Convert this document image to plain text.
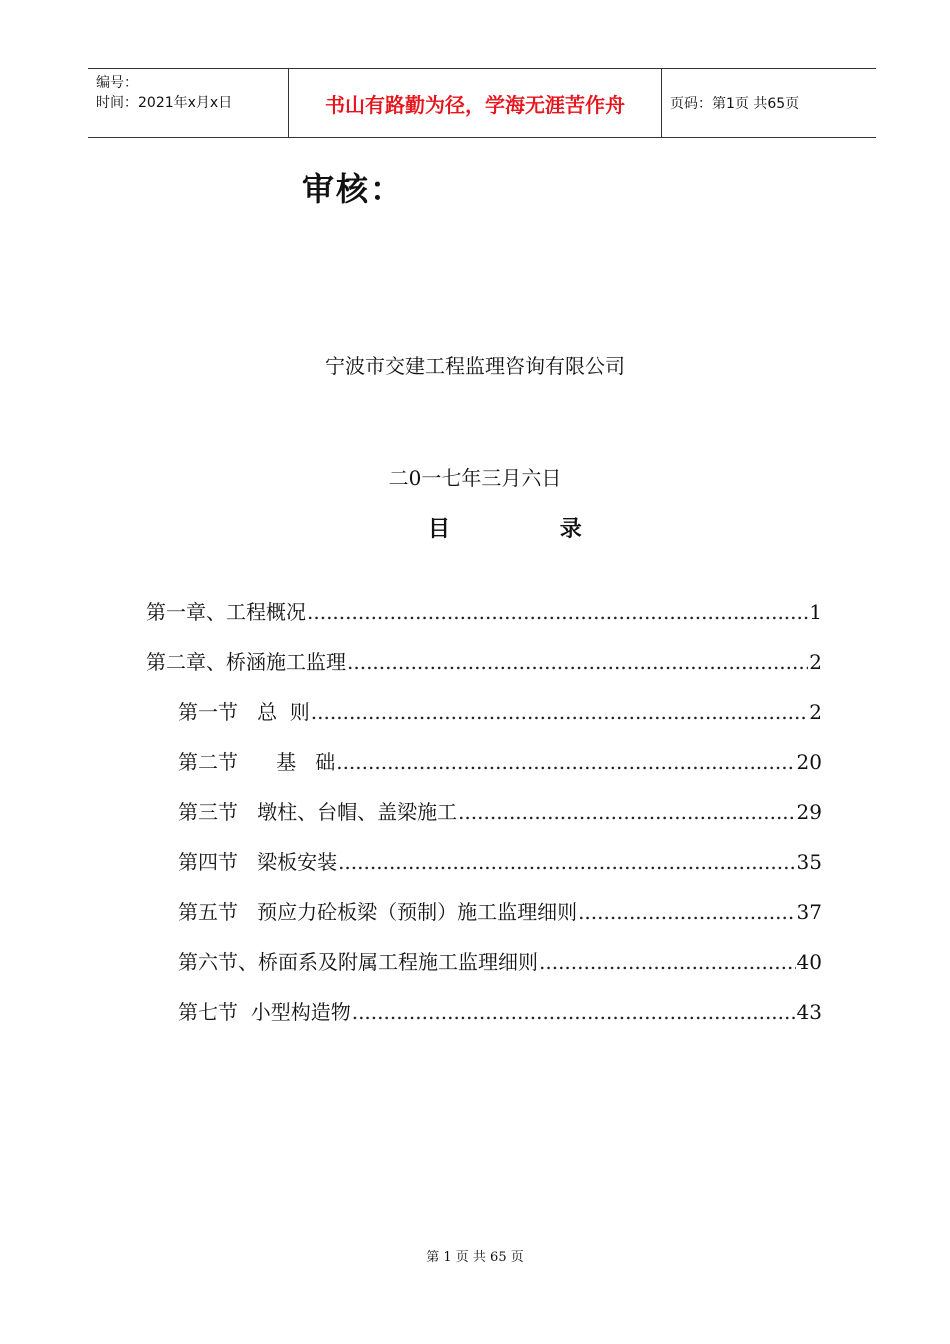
编号：
时间：2021年x月x日	书山有路勤为径，学海无涯苦作舟	页码：第1页 共65页
审核：
宁波市交建工程监理咨询有限公司
二0一七年三月六日
目	录
第一章、工程概况 .....	1
第二章、桥涵施工监理 .....	2
第一节   总  则 .....	2
第二节      基   础 .....	20
第三节   墩柱、台帽、盖梁施工 .....	29
第四节   梁板安装 .....	35
第五节   预应力砼板梁（预制）施工监理细则 .....	37
第六节、桥面系及附属工程施工监理细则 .....	40
第七节  小型构造物 .....	43
第 1 页 共 65 页
